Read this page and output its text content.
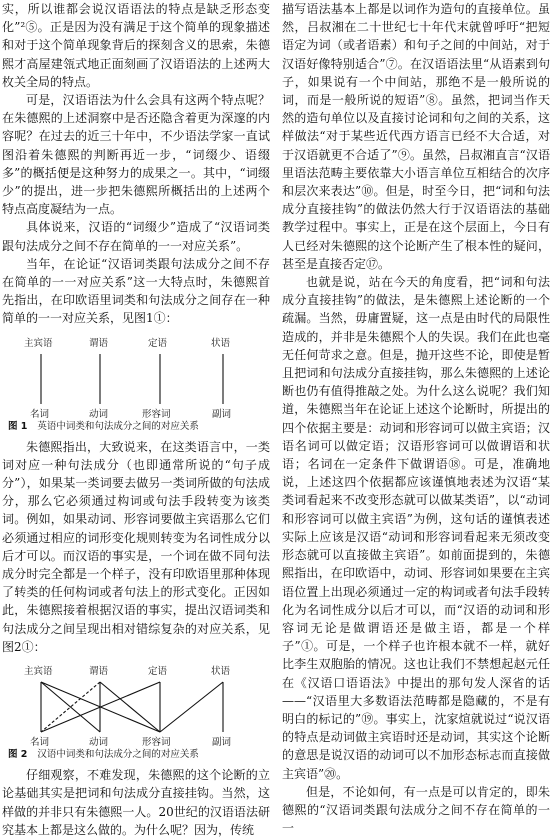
实，所以谁都会说汉语语法的特点是缺乏形态变化”²⑤。正是因为没有满足于这个简单的现象描述和对于这个简单现象背后的探刻含义的思索，朱德熙才高屋建瓴式地正面刻画了汉语语法的上述两大枚关全局的特点。

可是，汉语语法为什么会具有这两个特点呢？在朱德熙的上述洞察中是否还隐含着更为深邃的内容呢？在过去的近三十年中，不少语法学家一直试图沿着朱德熙的判断再近一步，“词缀少、语缀多”的概括便是这种努力的成果之一。其中，“词缀少”的提出，进一步把朱德熙所概括出的上述两个特点高度凝结为一点。

具体说来，汉语的“词缀少”造成了“汉语词类跟句法成分之间不存在简单的一一对应关系”。

当年，在论证“汉语词类跟句法成分之间不存在简单的一一对应关系”这一大特点时，朱德熙首先指出，在印欧语里词类和句法成分之间存在一种简单的一一对应关系，见图1①：

主宾语	谓语	定语	状语
名词	动词	形容词	副词
图 1 英语中词类和句法成分之间的对应关系

朱德熙指出，大致说来，在这类语言中，一类词对应一种句法成分（也即通常所说的“句子成分”），如果某一类词要去做另一类词所做的句法成分，那么它必须通过构词或句法手段转变为该类词。例如，如果动词、形容词要做主宾语那么它们必须通过相应的词形变化规则转变为名词性成分以后才可以。而汉语的事实是，一个词在做不同句法成分时完全都是一个样子，没有印欧语里那种体现了转类的任何构词或者句法上的形式变化。正因如此，朱德熙接着根据汉语的事实，提出汉语词类和句法成分之间呈现出相对错综复杂的对应关系，见图2①：

主宾语	谓语	定语	状语
名词	动词	形容词	副词
图 2 汉语中词类和句法成分之间的对应关系

仔细观察，不难发现，朱德熙的这个论断的立论基础其实是把词和句法成分直接挂钩。当然，这样做的并非只有朱德熙一人。20世纪的汉语语法研究基本上都是这么做的。为什么呢？因为，传统

描写语法基本上都是以词作为造句的直接单位。虽然，吕叔湘在二十世纪七十年代末就曾呼吁“把短语定为词（或者语素）和句子之间的中间站，对于汉语好像特别适合”⑦。在汉语语法里“从语素到句子，如果说有一个中间站，那绝不是一般所说的词，而是一般所说的短语”⑧。虽然，把词当作天然的造句单位以及直接讨论词和句之间的关系，这样做法“对于某些近代西方语言已经不大合适，对于汉语就更不合适了”⑨。虽然，吕叔湘直言“汉语里语法范畴主要依靠大小语言单位互相结合的次序和层次来表达”⑩。但是，时至今日，把“词和句法成分直接挂钩”的做法仍然大行于汉语语法的基础教学过程中。事实上，正是在这个层面上，今日有人已经对朱德熙的这个论断产生了根本性的疑问，甚至是直接否定⑰。

也就是说，站在今天的角度看，把“词和句法成分直接挂钩”的做法，是朱德熙上述论断的一个疏漏。当然，毋庸置疑，这一点是由时代的局限性造成的，并非是朱德熙个人的失误。我们在此也毫无任何苛求之意。但是，抛开这些不论，即使是暂且把词和句法成分直接挂钩，那么朱德熙的上述论断也仍有值得推敲之处。为什么这么说呢？我们知道，朱德熙当年在论证上述这个论断时，所提出的四个依据主要是：动词和形容词可以做主宾语；汉语名词可以做定语；汉语形容词可以做谓语和状语；名词在一定条件下做谓语⑱。可是，准确地说，上述这四个依据都应该谨慎地表述为汉语“某类词看起来不改变形态就可以做某类语”，以“动词和形容词可以做主宾语”为例，这句话的谨慎表述实际上应该是汉语“动词和形容词看起来无须改变形态就可以直接做主宾语”。如前面提到的，朱德熙指出，在印欧语中，动词、形容词如果要在主宾语位置上出现必须通过一定的构词或者句法手段转化为名词性成分以后才可以，而“汉语的动词和形容词无论是做谓语还是做主语，都是一个样子”①。可是，一个样子也许根本就不一样，就好比李生双胞胎的情况。这也让我们不禁想起赵元任在《汉语口语语法》中提出的那句发人深省的话——“汉语里大多数语法范畴都是隐藏的，不是有明白的标记的”⑲。事实上，沈家煊就说过“说汉语的特点是动词做主宾语时还是动词，其实这个论断的意思是说汉语的动词可以不加形态标志而直接做主宾语”⑳。

但是，不论如何，有一点是可以肯定的，即朱德熙的“汉语词类跟句法成分之间不存在简单的一一
